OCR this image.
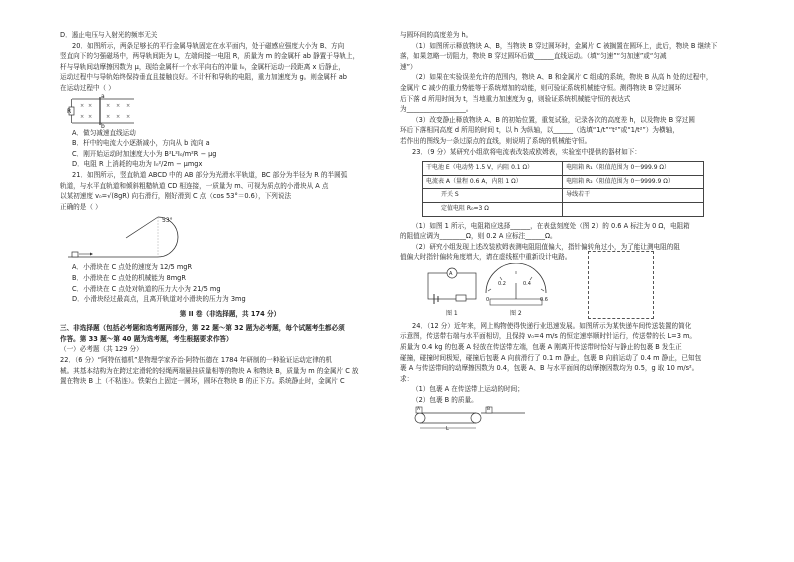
D．遏止电压与入射光的频率无关

20．如图所示，两条足够长的平行金属导轨固定在水平面内，处于磁感应强度大小为 B、方向

竖直向下的匀强磁场中，两导轨间距为 L，左端间接一电阻 R，质量为 m 的金属杆 ab 静置于导轨上，

杆与导轨间动摩擦因数为 μ，现给金属杆一个水平向右的冲量 I₀，金属杆运动一段距离 x 后静止，

运动过程中与导轨始终保持垂直且接触良好。不计杆和导轨的电阻，重力加速度为 g。则金属杆 ab

在运动过程中（ ）

× ×	× × ×
× ×	× × ×
R
a
b

A．做匀减速直线运动

B．杆中的电流大小逐渐减小，方向从 b 流向 a

C．刚开始运动时加速度大小为 B²L²I₀/m²R − μg

D．电阻 R 上消耗的电功为 I₀²/2m − μmgx

21．如图所示，竖直轨道 ABCD 中的 AB 部分为光滑水平轨道，BC 部分为半径为 R 的半圆弧

轨道，与水平直轨道和倾斜粗糙轨道 CD 相连接，一质量为 m、可视为质点的小滑块从 A 点

以某初速度 v₀=√(8gR) 向右滑行，刚好滑到 C 点（cos 53°＝0.6），下列说法

正确的是（ ）

53°

A．小滑块在 C 点处的速度为 12/5 mgR

B．小滑块在 C 点处的机械能为 8mgR

C．小滑块在 C 点处对轨道的压力大小为 21/5 mg

D．小滑块经过最高点，且离开轨道对小滑块的压力为 3mg

第 II 卷（非选择题，共 174 分）

三、非选择题（包括必考题和选考题两部分，第 22 题～第 32 题为必考题，每个试题考生都必须

作答。第 33 题～第 40 题为选考题，考生根据要求作答）

（一）必考题（共 129 分）

22．（6 分）“阿特伍德机”是物理学家乔治·阿特伍德在 1784 年研制的一种验证运动定律的机

械。其基本结构为在跨过定滑轮的轻绳两端悬挂质量相等的物块 A 和物块 B，质量为 m 的金属片 C 放

置在物块 B 上（不粘连）。铁架台上固定一圆环，圆环在物块 B 的正下方。系统静止时，金属片 C

与圆环间的高度差为 h。

（1）如图所示释放物块 A、B，当物块 B 穿过圆环时，金属片 C 被搁置在圆环上，此后，物块 B 继续下

落，如果忽略一切阻力，物块 B 穿过圆环后做______直线运动。（填“匀速”“匀加速”或“匀减

速”）

（2）如果在实验误差允许的范围内，物块 A、B 和金属片 C 组成的系统，物块 B 从高 h 处的过程中，

金属片 C 减少的重力势能等于系统增加的动能，则可验证系统机械能守恒。测得物块 B 穿过圆环

后下落 d 所用时间为 t，当地重力加速度为 g，则验证系统机械能守恒的表达式

为__________________。

（3）改变静止释放物块 A、B 的初始位置，重复试验，记录各次的高度差 h，以及物块 B 穿过圆

环后下落相同高度 d 所用的时间 t，以 h 为纵轴，以______（选填“1/t”“t²”或“1/t²”）为横轴，

若作出的图线为一条过原点的直线，则说明了系统的机械能守恒。

23．（9 分）某研究小组欲将电流表改装成欧姆表，实验室中提供的器材如下：

干电池 E（电动势 1.5 V，内阻 0.1 Ω）	电阻箱 R₁（阻值范围为 0～999.9 Ω）
电流表 A（量程 0.6 A，内阻 1 Ω）	电阻箱 R₂（阻值范围为 0～9999.9 Ω）
开关 S	导线若干
定值电阻 R₀=3 Ω	

（1）如图 1 所示，电阻箱应选择______，在表盘刻度处（图 2）的 0.6 A 标注为 0 Ω，电阻箱

的阻值应调为________Ω，则 0.2 A 应标注______Ω。

（2）研究小组发现上述改装欧姆表测电阻阻值偏大，指针偏转角过小，为了能让测电阻的阻

值偏大时指针偏转角度增大，请在虚线框中重新设计电路。

A
0
0.2	0.4
0.6
图 1	图 2

24．（12 分）近年来，网上购物使得快递行业迅速发展。如图所示为某快递车间传送装置的简化

示意图，传送带右端与水平面相切，且保持 v₀=4 m/s 的恒定速率顺时针运行，传送带的长 L=3 m。

质量为 0.4 kg 的包裹 A 轻放在传送带左端，包裹 A 刚离开传送带时恰好与静止的包裹 B 发生正

碰撞，碰撞时间极短，碰撞后包裹 A 向前滑行了 0.1 m 静止，包裹 B 向前运动了 0.4 m 静止，已知包

裹 A 与传送带间的动摩擦因数为 0.4，包裹 A、B 与水平面间的动摩擦因数均为 0.5，g 取 10 m/s²。

求：

（1）包裹 A 在传送带上运动的时间；

（2）包裹 B 的质量。

A	B
L
